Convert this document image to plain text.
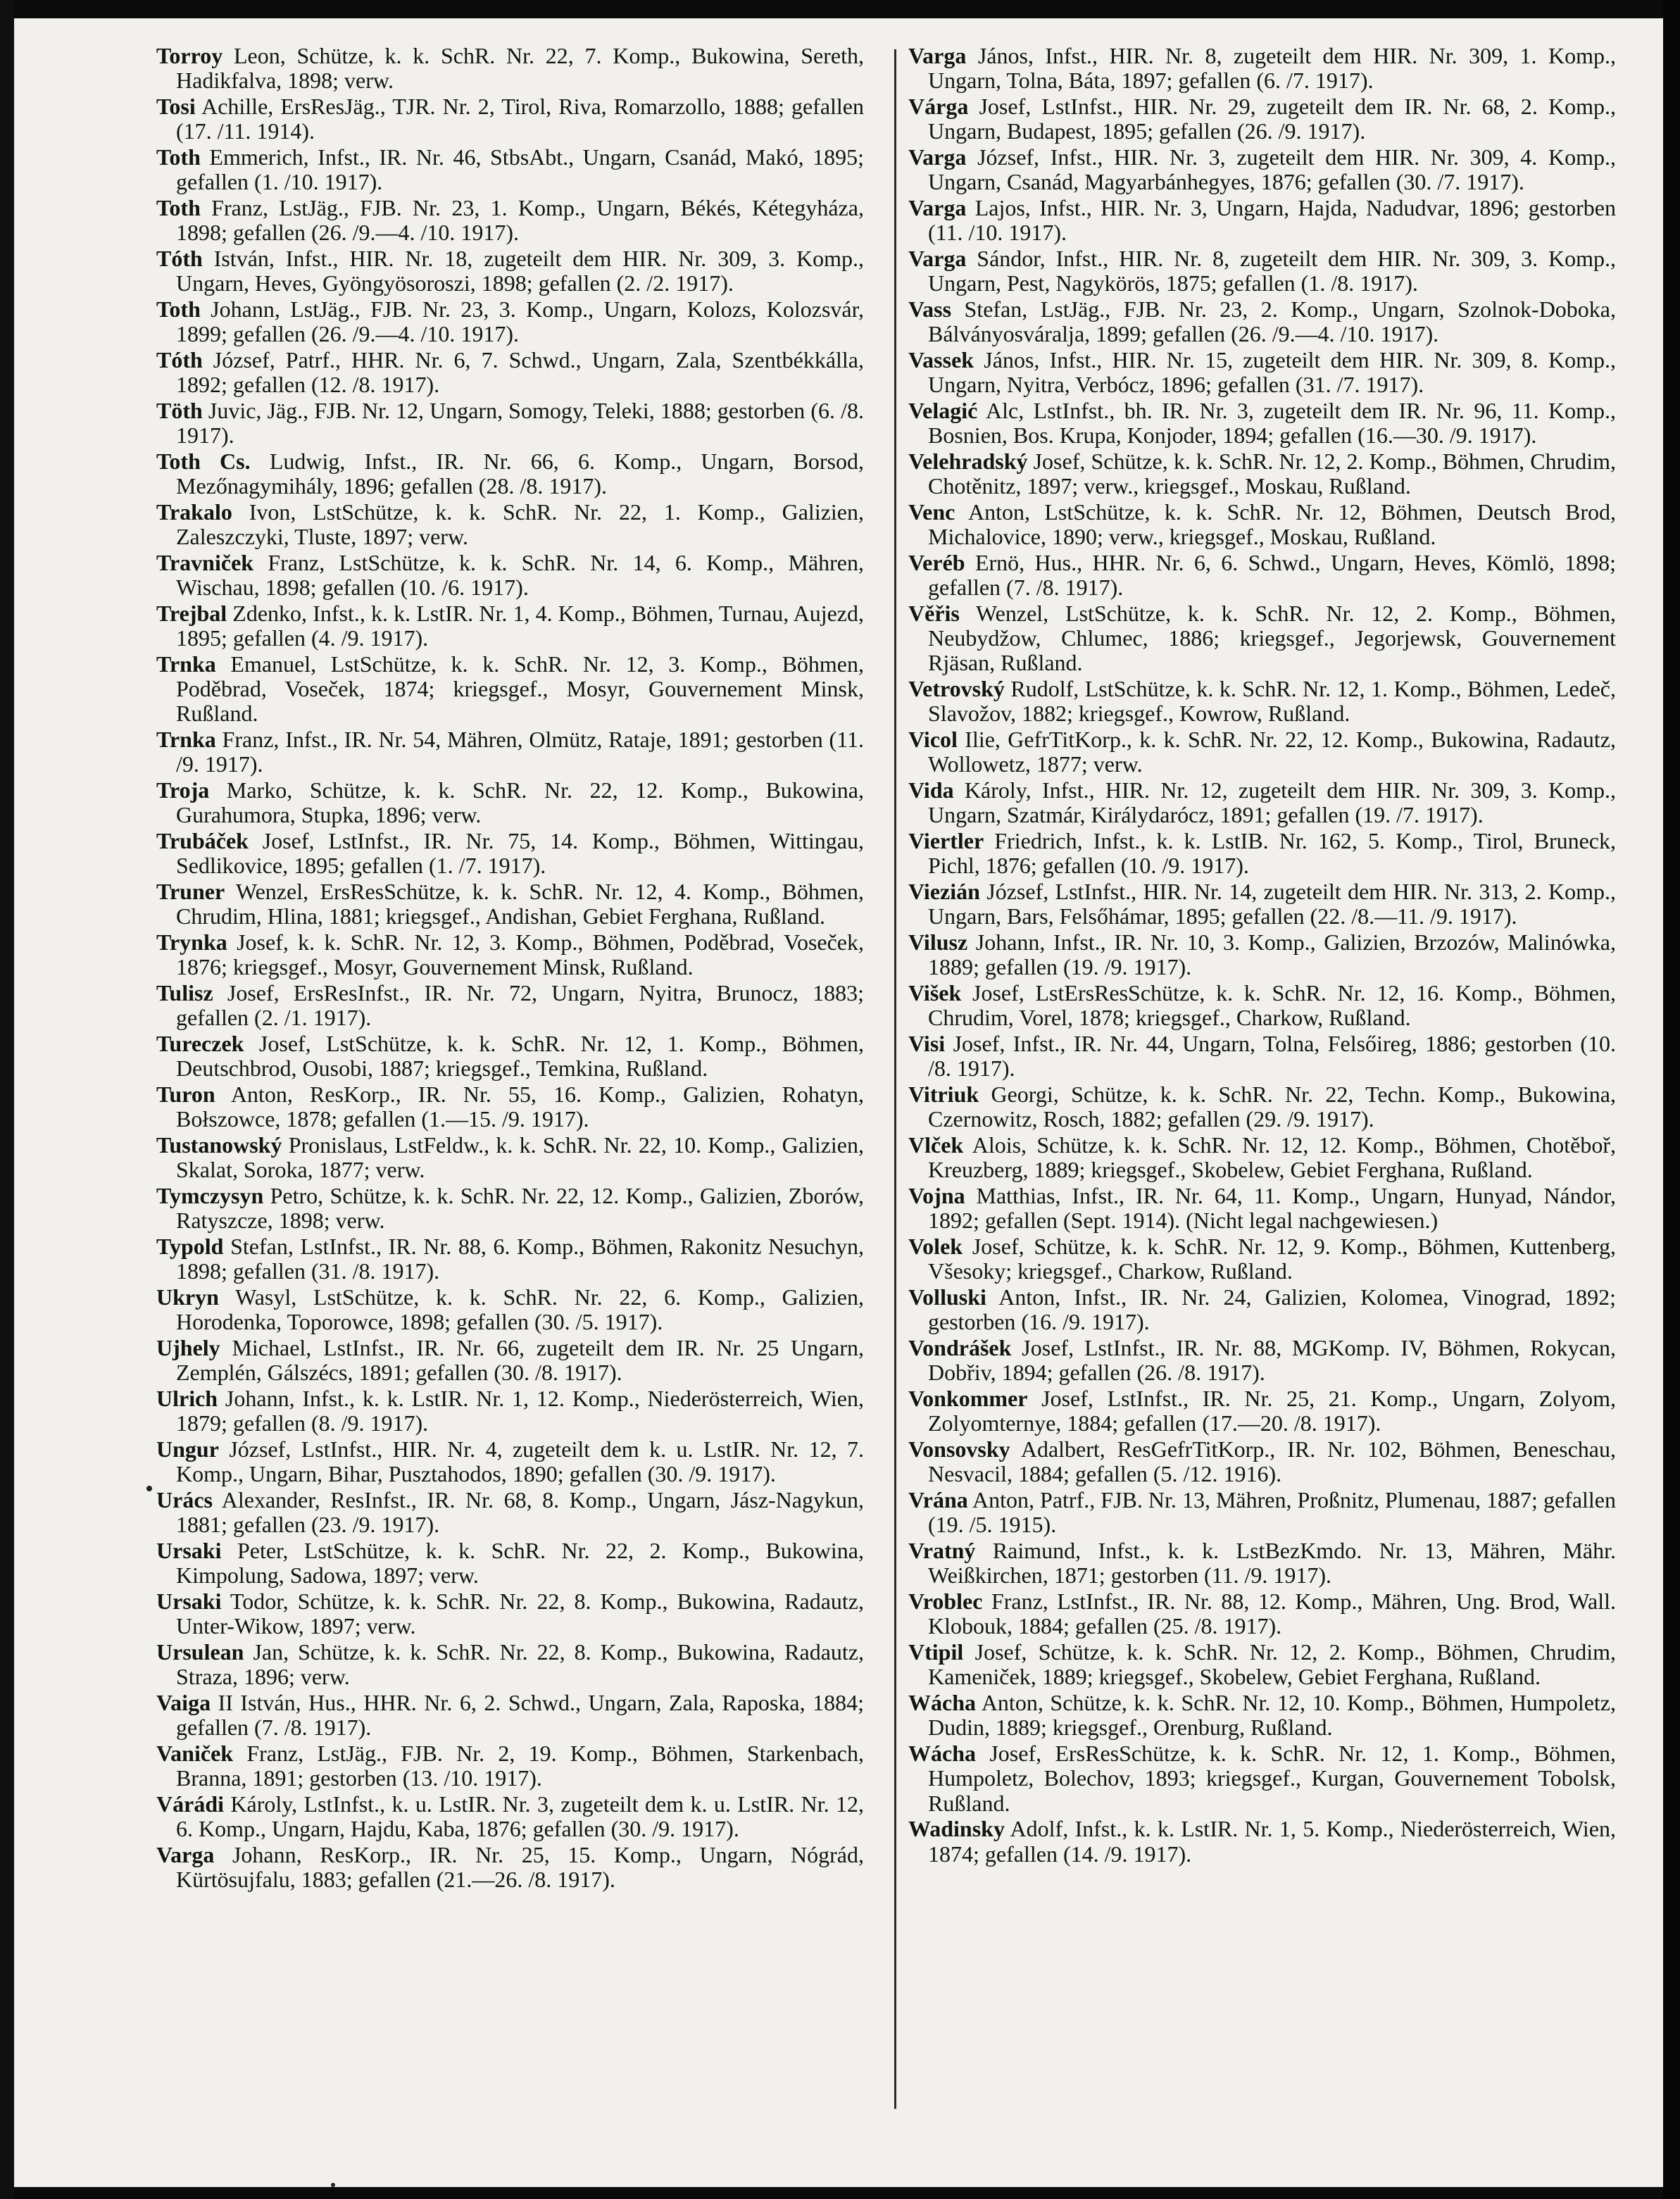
Torroy Leon, Schütze, k. k. SchR. Nr. 22, 7. Komp., Bukowina, Sereth, Hadikfalva, 1898; verw.

Tosi Achille, ErsResJäg., TJR. Nr. 2, Tirol, Riva, Romarzollo, 1888; gefallen (17. /11. 1914).

Toth Emmerich, Infst., IR. Nr. 46, StbsAbt., Ungarn, Csanád, Makó, 1895; gefallen (1. /10. 1917).

Toth Franz, LstJäg., FJB. Nr. 23, 1. Komp., Ungarn, Békés, Kétegyháza, 1898; gefallen (26. /9.—4. /10. 1917).

Tóth István, Infst., HIR. Nr. 18, zugeteilt dem HIR. Nr. 309, 3. Komp., Ungarn, Heves, Gyöngyösoroszi, 1898; gefallen (2. /2. 1917).

Toth Johann, LstJäg., FJB. Nr. 23, 3. Komp., Ungarn, Kolozs, Kolozsvár, 1899; gefallen (26. /9.—4. /10. 1917).

Tóth József, Patrf., HHR. Nr. 6, 7. Schwd., Ungarn, Zala, Szentbékkálla, 1892; gefallen (12. /8. 1917).

Töth Juvic, Jäg., FJB. Nr. 12, Ungarn, Somogy, Teleki, 1888; gestorben (6. /8. 1917).

Toth Cs. Ludwig, Infst., IR. Nr. 66, 6. Komp., Ungarn, Borsod, Mezőnagymihály, 1896; gefallen (28. /8. 1917).

Trakalo Ivon, LstSchütze, k. k. SchR. Nr. 22, 1. Komp., Galizien, Zaleszczyki, Tluste, 1897; verw.

Travniček Franz, LstSchütze, k. k. SchR. Nr. 14, 6. Komp., Mähren, Wischau, 1898; gefallen (10. /6. 1917).

Trejbal Zdenko, Infst., k. k. LstIR. Nr. 1, 4. Komp., Böhmen, Turnau, Aujezd, 1895; gefallen (4. /9. 1917).

Trnka Emanuel, LstSchütze, k. k. SchR. Nr. 12, 3. Komp., Böhmen, Poděbrad, Voseček, 1874; kriegsgef., Mosyr, Gouvernement Minsk, Rußland.

Trnka Franz, Infst., IR. Nr. 54, Mähren, Olmütz, Rataje, 1891; gestorben (11. /9. 1917).

Troja Marko, Schütze, k. k. SchR. Nr. 22, 12. Komp., Bukowina, Gurahumora, Stupka, 1896; verw.

Trubáček Josef, LstInfst., IR. Nr. 75, 14. Komp., Böhmen, Wittingau, Sedlikovice, 1895; gefallen (1. /7. 1917).

Truner Wenzel, ErsResSchütze, k. k. SchR. Nr. 12, 4. Komp., Böhmen, Chrudim, Hlina, 1881; kriegsgef., Andishan, Gebiet Ferghana, Rußland.

Trynka Josef, k. k. SchR. Nr. 12, 3. Komp., Böhmen, Poděbrad, Voseček, 1876; kriegsgef., Mosyr, Gouvernement Minsk, Rußland.

Tulisz Josef, ErsResInfst., IR. Nr. 72, Ungarn, Nyitra, Brunocz, 1883; gefallen (2. /1. 1917).

Tureczek Josef, LstSchütze, k. k. SchR. Nr. 12, 1. Komp., Böhmen, Deutschbrod, Ousobi, 1887; kriegsgef., Temkina, Rußland.

Turon Anton, ResKorp., IR. Nr. 55, 16. Komp., Galizien, Rohatyn, Bołszowce, 1878; gefallen (1.—15. /9. 1917).

Tustanowský Pronislaus, LstFeldw., k. k. SchR. Nr. 22, 10. Komp., Galizien, Skalat, Soroka, 1877; verw.

Tymczysyn Petro, Schütze, k. k. SchR. Nr. 22, 12. Komp., Galizien, Zborów, Ratyszcze, 1898; verw.

Typold Stefan, LstInfst., IR. Nr. 88, 6. Komp., Böhmen, Rakonitz Nesuchyn, 1898; gefallen (31. /8. 1917).

Ukryn Wasyl, LstSchütze, k. k. SchR. Nr. 22, 6. Komp., Galizien, Horodenka, Toporowce, 1898; gefallen (30. /5. 1917).

Ujhely Michael, LstInfst., IR. Nr. 66, zugeteilt dem IR. Nr. 25 Ungarn, Zemplén, Gálszécs, 1891; gefallen (30. /8. 1917).

Ulrich Johann, Infst., k. k. LstIR. Nr. 1, 12. Komp., Niederösterreich, Wien, 1879; gefallen (8. /9. 1917).

Ungur József, LstInfst., HIR. Nr. 4, zugeteilt dem k. u. LstIR. Nr. 12, 7. Komp., Ungarn, Bihar, Pusztahodos, 1890; gefallen (30. /9. 1917).

Urács Alexander, ResInfst., IR. Nr. 68, 8. Komp., Ungarn, Jász-Nagykun, 1881; gefallen (23. /9. 1917).

Ursaki Peter, LstSchütze, k. k. SchR. Nr. 22, 2. Komp., Bukowina, Kimpolung, Sadowa, 1897; verw.

Ursaki Todor, Schütze, k. k. SchR. Nr. 22, 8. Komp., Bukowina, Radautz, Unter-Wikow, 1897; verw.

Ursulean Jan, Schütze, k. k. SchR. Nr. 22, 8. Komp., Bukowina, Radautz, Straza, 1896; verw.

Vaiga II István, Hus., HHR. Nr. 6, 2. Schwd., Ungarn, Zala, Raposka, 1884; gefallen (7. /8. 1917).

Vaniček Franz, LstJäg., FJB. Nr. 2, 19. Komp., Böhmen, Starkenbach, Branna, 1891; gestorben (13. /10. 1917).

Várádi Károly, LstInfst., k. u. LstIR. Nr. 3, zugeteilt dem k. u. LstIR. Nr. 12, 6. Komp., Ungarn, Hajdu, Kaba, 1876; gefallen (30. /9. 1917).

Varga Johann, ResKorp., IR. Nr. 25, 15. Komp., Ungarn, Nógrád, Kürtösujfalu, 1883; gefallen (21.—26. /8. 1917).

Varga János, Infst., HIR. Nr. 8, zugeteilt dem HIR. Nr. 309, 1. Komp., Ungarn, Tolna, Báta, 1897; gefallen (6. /7. 1917).

Várga Josef, LstInfst., HIR. Nr. 29, zugeteilt dem IR. Nr. 68, 2. Komp., Ungarn, Budapest, 1895; gefallen (26. /9. 1917).

Varga József, Infst., HIR. Nr. 3, zugeteilt dem HIR. Nr. 309, 4. Komp., Ungarn, Csanád, Magyarbánhegyes, 1876; gefallen (30. /7. 1917).

Varga Lajos, Infst., HIR. Nr. 3, Ungarn, Hajda, Nadudvar, 1896; gestorben (11. /10. 1917).

Varga Sándor, Infst., HIR. Nr. 8, zugeteilt dem HIR. Nr. 309, 3. Komp., Ungarn, Pest, Nagykörös, 1875; gefallen (1. /8. 1917).

Vass Stefan, LstJäg., FJB. Nr. 23, 2. Komp., Ungarn, Szolnok-Doboka, Bálványosváralja, 1899; gefallen (26. /9.—4. /10. 1917).

Vassek János, Infst., HIR. Nr. 15, zugeteilt dem HIR. Nr. 309, 8. Komp., Ungarn, Nyitra, Verbócz, 1896; gefallen (31. /7. 1917).

Velagić Alc, LstInfst., bh. IR. Nr. 3, zugeteilt dem IR. Nr. 96, 11. Komp., Bosnien, Bos. Krupa, Konjoder, 1894; gefallen (16.—30. /9. 1917).

Velehradský Josef, Schütze, k. k. SchR. Nr. 12, 2. Komp., Böhmen, Chrudim, Chotěnitz, 1897; verw., kriegsgef., Moskau, Rußland.

Venc Anton, LstSchütze, k. k. SchR. Nr. 12, Böhmen, Deutsch Brod, Michalovice, 1890; verw., kriegsgef., Moskau, Rußland.

Veréb Ernö, Hus., HHR. Nr. 6, 6. Schwd., Ungarn, Heves, Kömlö, 1898; gefallen (7. /8. 1917).

Věřis Wenzel, LstSchütze, k. k. SchR. Nr. 12, 2. Komp., Böhmen, Neubydžow, Chlumec, 1886; kriegsgef., Jegorjewsk, Gouvernement Rjäsan, Rußland.

Vetrovský Rudolf, LstSchütze, k. k. SchR. Nr. 12, 1. Komp., Böhmen, Ledeč, Slavožov, 1882; kriegsgef., Kowrow, Rußland.

Vicol Ilie, GefrTitKorp., k. k. SchR. Nr. 22, 12. Komp., Bukowina, Radautz, Wollowetz, 1877; verw.

Vida Károly, Infst., HIR. Nr. 12, zugeteilt dem HIR. Nr. 309, 3. Komp., Ungarn, Szatmár, Királydarócz, 1891; gefallen (19. /7. 1917).

Viertler Friedrich, Infst., k. k. LstIB. Nr. 162, 5. Komp., Tirol, Bruneck, Pichl, 1876; gefallen (10. /9. 1917).

Viezián József, LstInfst., HIR. Nr. 14, zugeteilt dem HIR. Nr. 313, 2. Komp., Ungarn, Bars, Felsőhámar, 1895; gefallen (22. /8.—11. /9. 1917).

Vilusz Johann, Infst., IR. Nr. 10, 3. Komp., Galizien, Brzozów, Malinówka, 1889; gefallen (19. /9. 1917).

Višek Josef, LstErsResSchütze, k. k. SchR. Nr. 12, 16. Komp., Böhmen, Chrudim, Vorel, 1878; kriegsgef., Charkow, Rußland.

Visi Josef, Infst., IR. Nr. 44, Ungarn, Tolna, Felsőireg, 1886; gestorben (10. /8. 1917).

Vitriuk Georgi, Schütze, k. k. SchR. Nr. 22, Techn. Komp., Bukowina, Czernowitz, Rosch, 1882; gefallen (29. /9. 1917).

Vlček Alois, Schütze, k. k. SchR. Nr. 12, 12. Komp., Böhmen, Chotěboř, Kreuzberg, 1889; kriegsgef., Skobelew, Gebiet Ferghana, Rußland.

Vojna Matthias, Infst., IR. Nr. 64, 11. Komp., Ungarn, Hunyad, Nándor, 1892; gefallen (Sept. 1914). (Nicht legal nachgewiesen.)

Volek Josef, Schütze, k. k. SchR. Nr. 12, 9. Komp., Böhmen, Kuttenberg, Všesoky; kriegsgef., Charkow, Rußland.

Volluski Anton, Infst., IR. Nr. 24, Galizien, Kolomea, Vinograd, 1892; gestorben (16. /9. 1917).

Vondrášek Josef, LstInfst., IR. Nr. 88, MGKomp. IV, Böhmen, Rokycan, Dobřiv, 1894; gefallen (26. /8. 1917).

Vonkommer Josef, LstInfst., IR. Nr. 25, 21. Komp., Ungarn, Zolyom, Zolyomternye, 1884; gefallen (17.—20. /8. 1917).

Vonsovsky Adalbert, ResGefrTitKorp., IR. Nr. 102, Böhmen, Beneschau, Nesvacil, 1884; gefallen (5. /12. 1916).

Vrána Anton, Patrf., FJB. Nr. 13, Mähren, Proßnitz, Plumenau, 1887; gefallen (19. /5. 1915).

Vratný Raimund, Infst., k. k. LstBezKmdo. Nr. 13, Mähren, Mähr. Weißkirchen, 1871; gestorben (11. /9. 1917).

Vroblec Franz, LstInfst., IR. Nr. 88, 12. Komp., Mähren, Ung. Brod, Wall. Klobouk, 1884; gefallen (25. /8. 1917).

Vtipil Josef, Schütze, k. k. SchR. Nr. 12, 2. Komp., Böhmen, Chrudim, Kameniček, 1889; kriegsgef., Skobelew, Gebiet Ferghana, Rußland.

Wácha Anton, Schütze, k. k. SchR. Nr. 12, 10. Komp., Böhmen, Humpoletz, Dudin, 1889; kriegsgef., Orenburg, Rußland.

Wácha Josef, ErsResSchütze, k. k. SchR. Nr. 12, 1. Komp., Böhmen, Humpoletz, Bolechov, 1893; kriegsgef., Kurgan, Gouvernement Tobolsk, Rußland.

Wadinsky Adolf, Infst., k. k. LstIR. Nr. 1, 5. Komp., Niederösterreich, Wien, 1874; gefallen (14. /9. 1917).
